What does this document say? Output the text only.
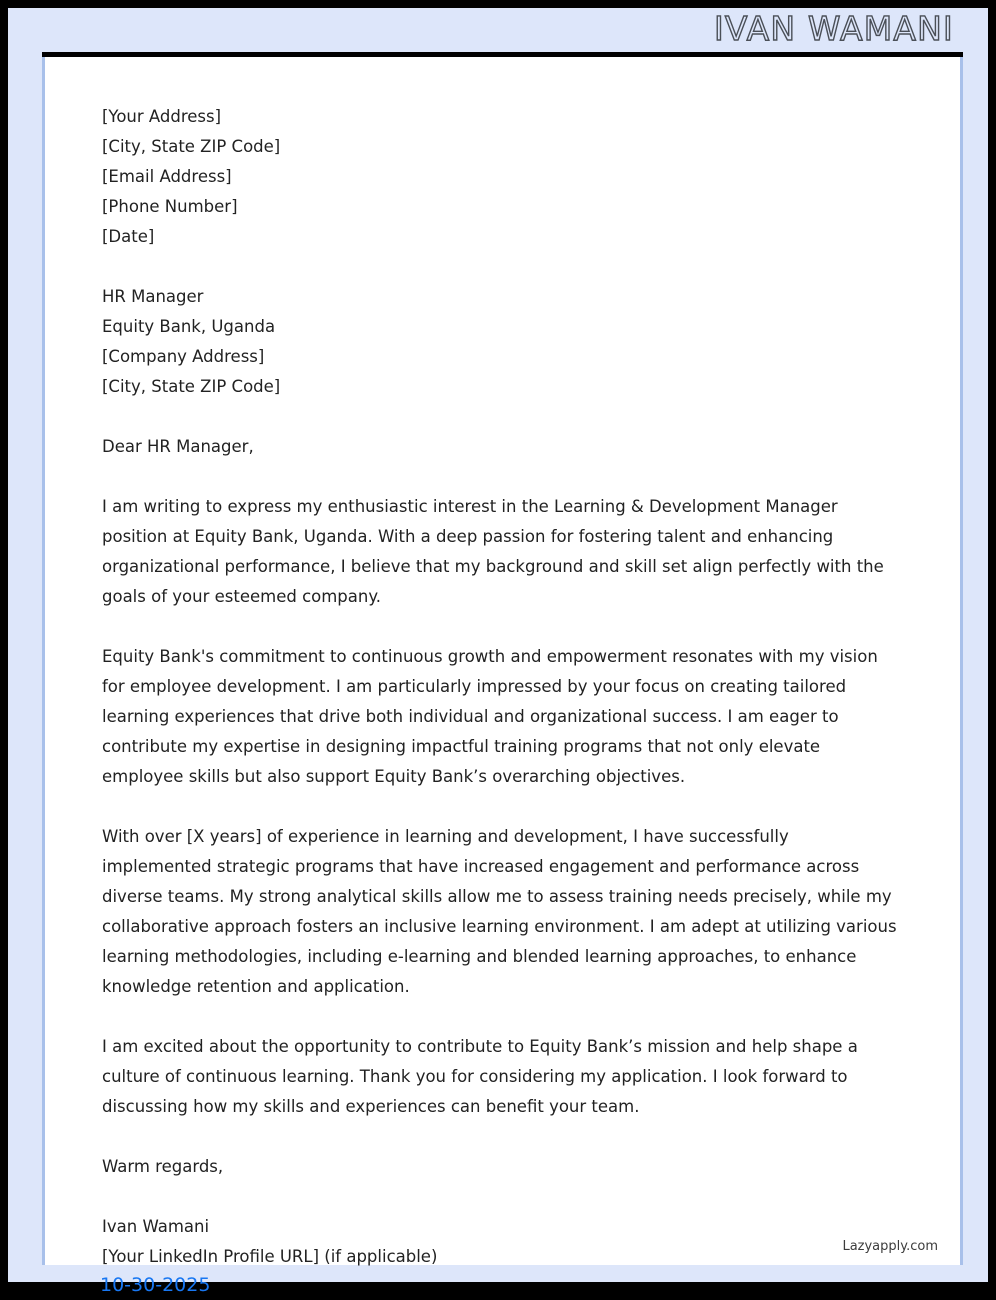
IVAN WAMANI
[Your Address]
[City, State ZIP Code]
[Email Address]
[Phone Number]
[Date]
HR Manager
Equity Bank, Uganda
[Company Address]
[City, State ZIP Code]

Dear HR Manager,

I am writing to express my enthusiastic interest in the Learning & Development Manager position at Equity Bank, Uganda. With a deep passion for fostering talent and enhancing organizational performance, I believe that my background and skill set align perfectly with the goals of your esteemed company.

Equity Bank's commitment to continuous growth and empowerment resonates with my vision for employee development. I am particularly impressed by your focus on creating tailored learning experiences that drive both individual and organizational success. I am eager to contribute my expertise in designing impactful training programs that not only elevate employee skills but also support Equity Bank’s overarching objectives.

With over [X years] of experience in learning and development, I have successfully implemented strategic programs that have increased engagement and performance across diverse teams. My strong analytical skills allow me to assess training needs precisely, while my collaborative approach fosters an inclusive learning environment. I am adept at utilizing various learning methodologies, including e-learning and blended learning approaches, to enhance knowledge retention and application.

I am excited about the opportunity to contribute to Equity Bank’s mission and help shape a culture of continuous learning. Thank you for considering my application. I look forward to discussing how my skills and experiences can benefit your team.

Warm regards,

Ivan Wamani
[Your LinkedIn Profile URL] (if applicable)
Lazyapply.com
10-30-2025
